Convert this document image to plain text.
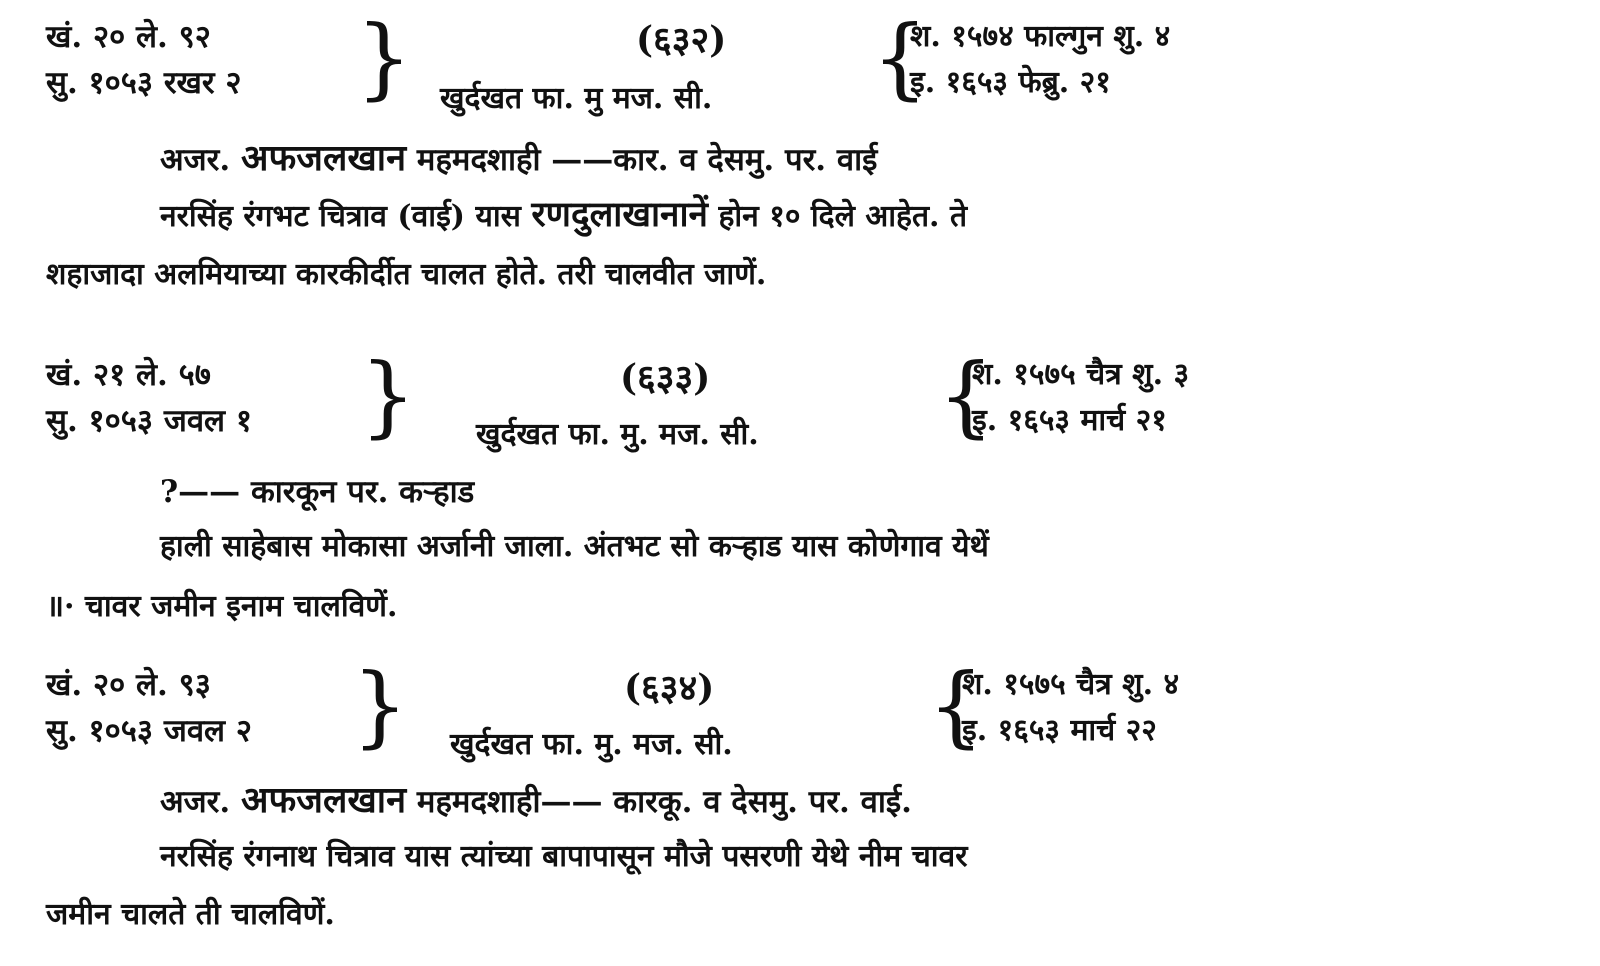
खं. २० ले. ९२
सु. १०५३ रखर २ }	(६३२)
खुर्दखत फा. मु मज. सी. {
श. १५७४ फाल्गुन शु. ४
इ. १६५३ फेब्रु. २१
अजर. अफजलखान महमदशाही ——कार. व देसमु. पर. वाई
नरसिंह रंगभट चित्राव (वाई) यास रणदुलाखानानें होन १० दिले आहेत. ते
शहाजादा अलमियाच्या कारकीर्दीत चालत होते. तरी चालवीत जाणें.
खं. २१ ले. ५७
सु. १०५३ जवल १ }	(६३३)
खुर्दखत फा. मु. मज. सी. {
श. १५७५ चैत्र शु. ३
इ. १६५३ मार्च २१
?—— कारकून पर. कऱ्हाड
हाली साहेबास मोकासा अर्जानी जाला. अंतभट सो कऱ्हाड यास कोणेगाव येथें
॥· चावर जमीन इनाम चालविणें.
खं. २० ले. ९३
सु. १०५३ जवल २ }	(६३४)
खुर्दखत फा. मु. मज. सी. {
श. १५७५ चैत्र शु. ४
इ. १६५३ मार्च २२
अजर. अफजलखान महमदशाही—— कारकू. व देसमु. पर. वाई.
नरसिंह रंगनाथ चित्राव यास त्यांच्या बापापासून मौजे पसरणी येथे नीम चावर
जमीन चालते ती चालविणें.
